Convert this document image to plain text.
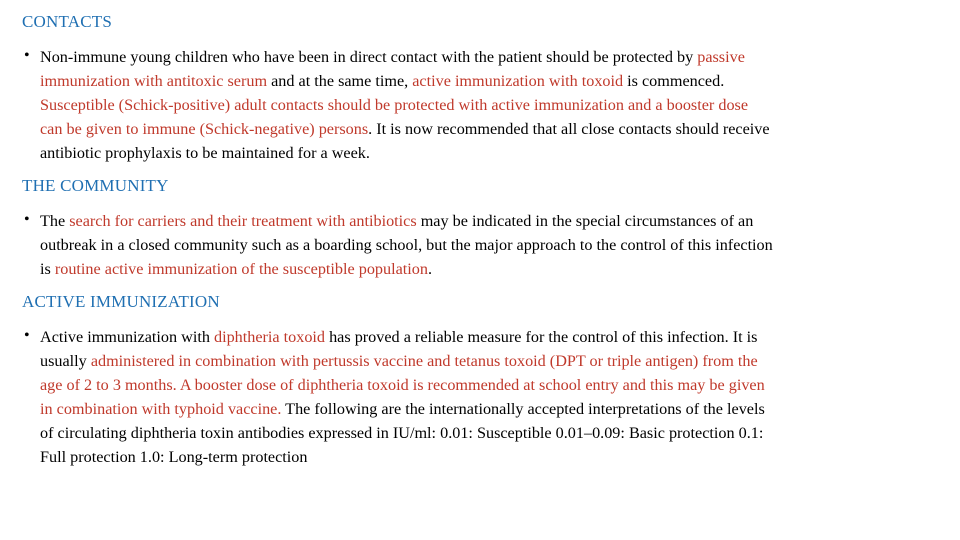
CONTACTS
• Non-immune young children who have been in direct contact with the patient should be protected by passive
immunization with antitoxic serum and at the same time, active immunization with toxoid is commenced.
Susceptible (Schick-positive) adult contacts should be protected with active immunization and a booster dose
can be given to immune (Schick-negative) persons. It is now recommended that all close contacts should receive
antibiotic prophylaxis to be maintained for a week.
THE COMMUNITY
• The search for carriers and their treatment with antibiotics may be indicated in the special circumstances of an
outbreak in a closed community such as a boarding school, but the major approach to the control of this infection
is routine active immunization of the susceptible population.
ACTIVE IMMUNIZATION
• Active immunization with diphtheria toxoid has proved a reliable measure for the control of this infection. It is
usually administered in combination with pertussis vaccine and tetanus toxoid (DPT or triple antigen) from the
age of 2 to 3 months. A booster dose of diphtheria toxoid is recommended at school entry and this may be given
in combination with typhoid vaccine. The following are the internationally accepted interpretations of the levels
of circulating diphtheria toxin antibodies expressed in IU/ml: 0.01: Susceptible 0.01–0.09: Basic protection 0.1:
Full protection 1.0: Long-term protection
